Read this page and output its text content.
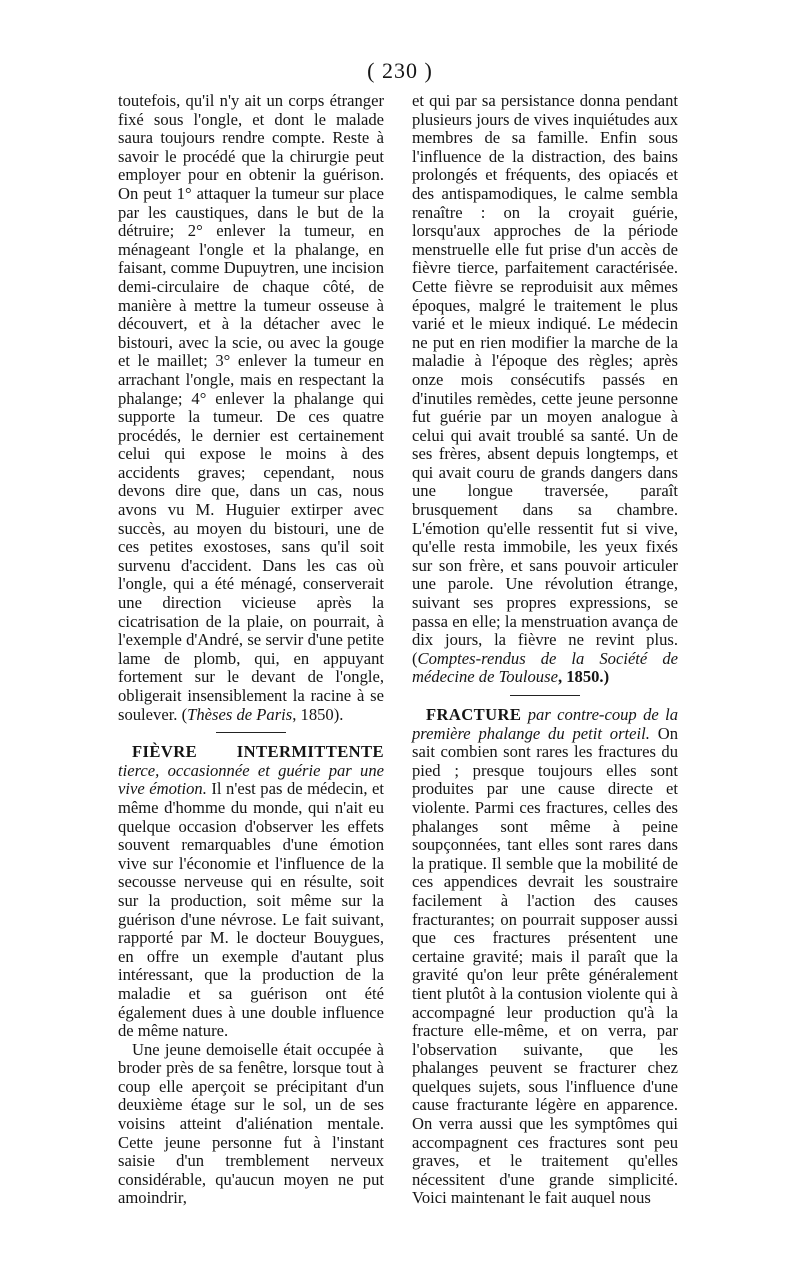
( 230 )

toutefois, qu'il n'y ait un corps étranger fixé sous l'ongle, et dont le malade saura toujours rendre compte. Reste à savoir le procédé que la chirurgie peut employer pour en obtenir la guérison. On peut 1° attaquer la tumeur sur place par les caustiques, dans le but de la détruire; 2° enlever la tumeur, en ménageant l'ongle et la phalange, en faisant, comme Dupuytren, une incision demi-circulaire de chaque côté, de manière à mettre la tumeur osseuse à découvert, et à la détacher avec le bistouri, avec la scie, ou avec la gouge et le maillet; 3° enlever la tumeur en arrachant l'ongle, mais en respectant la phalange; 4° enlever la phalange qui supporte la tumeur. De ces quatre procédés, le dernier est certainement celui qui expose le moins à des accidents graves; cependant, nous devons dire que, dans un cas, nous avons vu M. Huguier extirper avec succès, au moyen du bistouri, une de ces petites exostoses, sans qu'il soit survenu d'accident. Dans les cas où l'ongle, qui a été ménagé, conserverait une direction vicieuse après la cicatrisation de la plaie, on pourrait, à l'exemple d'André, se servir d'une petite lame de plomb, qui, en appuyant fortement sur le devant de l'ongle, obligerait insensiblement la racine à se soulever. (Thèses de Paris, 1850).

FIÈVRE INTERMITTENTE tierce, occasionnée et guérie par une vive émotion. Il n'est pas de médecin, et même d'homme du monde, qui n'ait eu quelque occasion d'observer les effets souvent remarquables d'une émotion vive sur l'économie et l'influence de la secousse nerveuse qui en résulte, soit sur la production, soit même sur la guérison d'une névrose. Le fait suivant, rapporté par M. le docteur Bouygues, en offre un exemple d'autant plus intéressant, que la production de la maladie et sa guérison ont été également dues à une double influence de même nature.

Une jeune demoiselle était occupée à broder près de sa fenêtre, lorsque tout à coup elle aperçoit se précipitant d'un deuxième étage sur le sol, un de ses voisins atteint d'aliénation mentale. Cette jeune personne fut à l'instant saisie d'un tremblement nerveux considérable, qu'aucun moyen ne put amoindrir,

et qui par sa persistance donna pendant plusieurs jours de vives inquiétudes aux membres de sa famille. Enfin sous l'influence de la distraction, des bains prolongés et fréquents, des opiacés et des antispamodiques, le calme sembla renaître : on la croyait guérie, lorsqu'aux approches de la période menstruelle elle fut prise d'un accès de fièvre tierce, parfaitement caractérisée. Cette fièvre se reproduisit aux mêmes époques, malgré le traitement le plus varié et le mieux indiqué. Le médecin ne put en rien modifier la marche de la maladie à l'époque des règles; après onze mois consécutifs passés en d'inutiles remèdes, cette jeune personne fut guérie par un moyen analogue à celui qui avait troublé sa santé. Un de ses frères, absent depuis longtemps, et qui avait couru de grands dangers dans une longue traversée, paraît brusquement dans sa chambre. L'émotion qu'elle ressentit fut si vive, qu'elle resta immobile, les yeux fixés sur son frère, et sans pouvoir articuler une parole. Une révolution étrange, suivant ses propres expressions, se passa en elle; la menstruation avança de dix jours, la fièvre ne revint plus. (Comptes-rendus de la Société de médecine de Toulouse, 1850.)

FRACTURE par contre-coup de la première phalange du petit orteil. On sait combien sont rares les fractures du pied ; presque toujours elles sont produites par une cause directe et violente. Parmi ces fractures, celles des phalanges sont même à peine soupçonnées, tant elles sont rares dans la pratique. Il semble que la mobilité de ces appendices devrait les soustraire facilement à l'action des causes fracturantes; on pourrait supposer aussi que ces fractures présentent une certaine gravité; mais il paraît que la gravité qu'on leur prête généralement tient plutôt à la contusion violente qui à accompagné leur production qu'à la fracture elle-même, et on verra, par l'observation suivante, que les phalanges peuvent se fracturer chez quelques sujets, sous l'influence d'une cause fracturante légère en apparence. On verra aussi que les symptômes qui accompagnent ces fractures sont peu graves, et le traitement qu'elles nécessitent d'une grande simplicité. Voici maintenant le fait auquel nous
